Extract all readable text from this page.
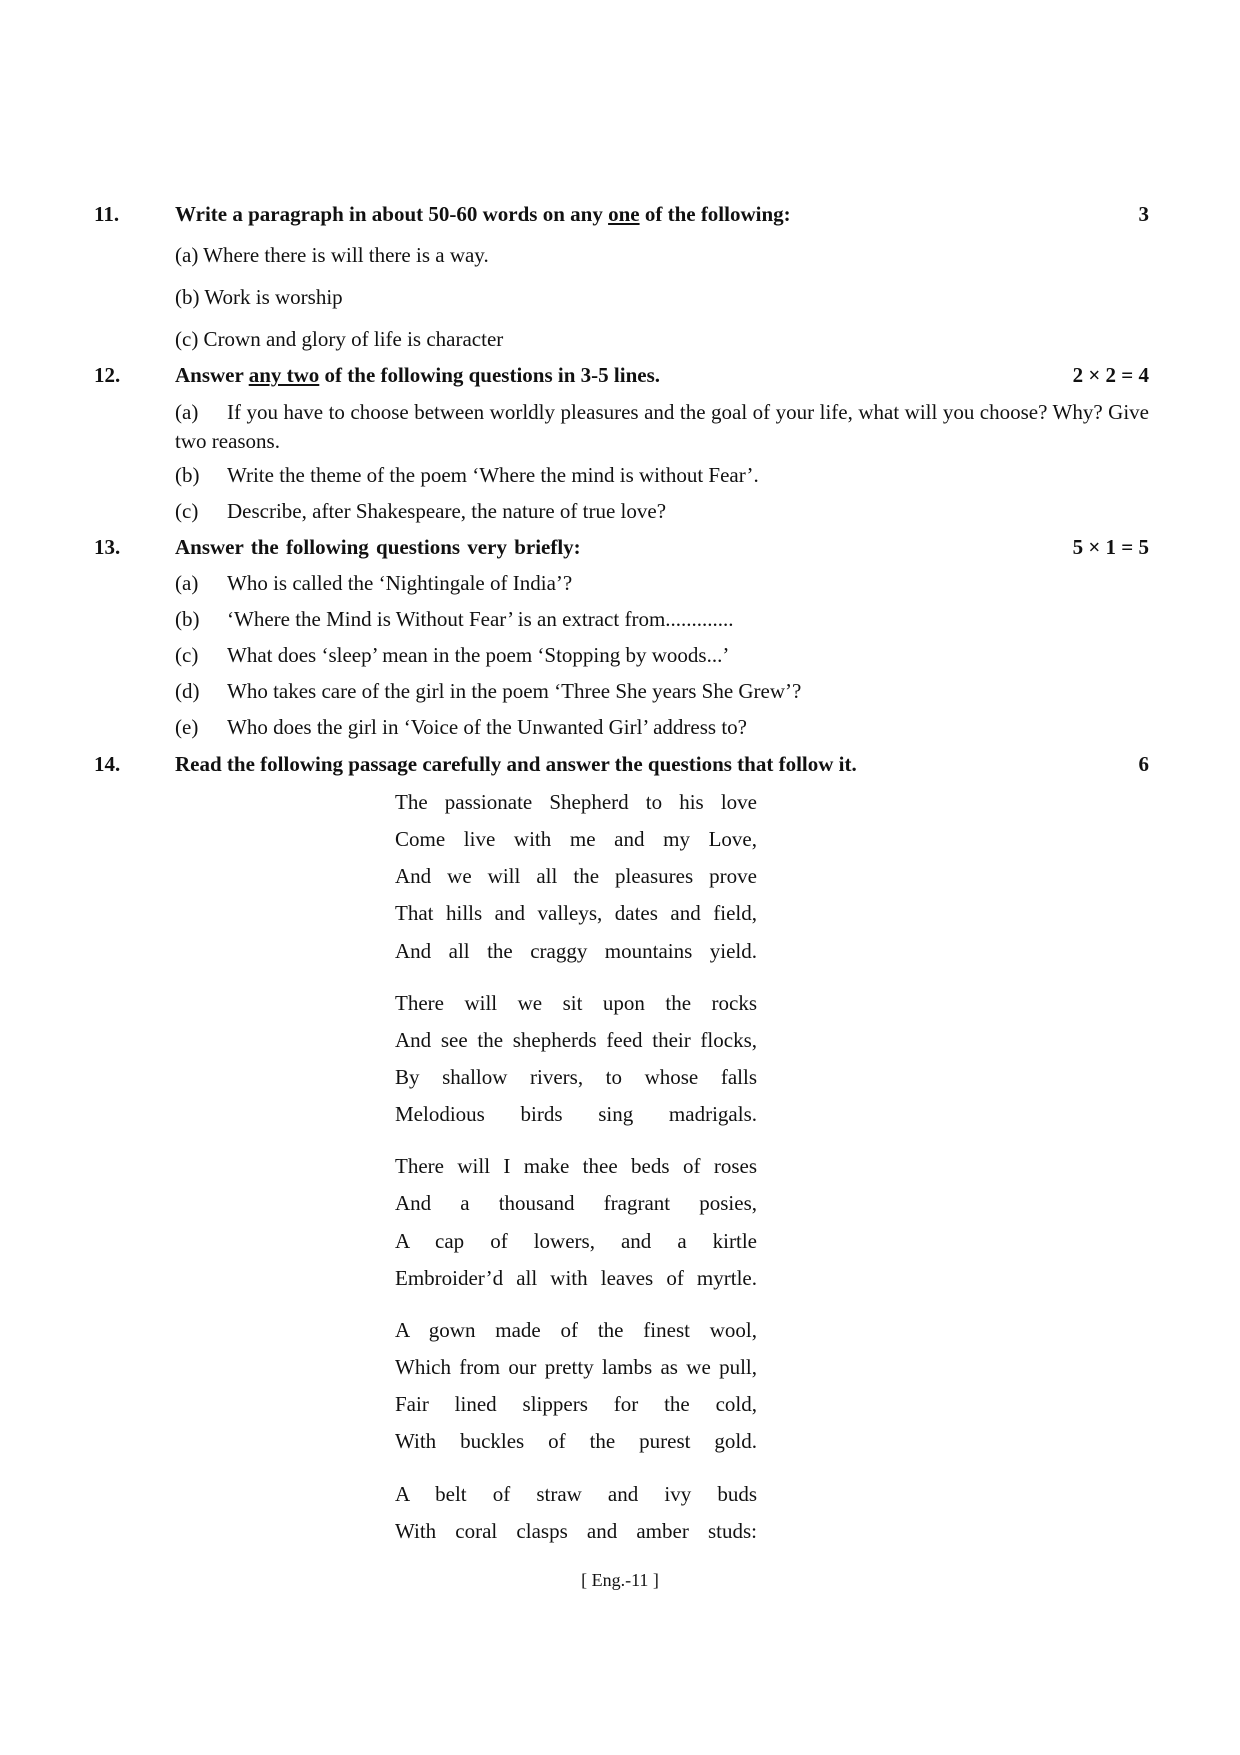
11.	Write a paragraph in about 50-60 words on any one of the following:	3
(a) Where there is will there is a way.
(b) Work is worship
(c) Crown and glory of life is character
12.	Answer any two of the following questions in 3-5 lines.	2 × 2 = 4
(a) If you have to choose between worldly pleasures and the goal of your life, what will you choose? Why? Give two reasons.
(b) Write the theme of the poem ‘Where the mind is without Fear’.
(c) Describe, after Shakespeare, the nature of true love?
13.	Answer the following questions very briefly:	5 × 1 = 5
(a) Who is called the ‘Nightingale of India’?
(b) ‘Where the Mind is Without Fear’ is an extract from.............
(c) What does ‘sleep’ mean in the poem ‘Stopping by woods...’
(d) Who takes care of the girl in the poem ‘Three She years She Grew’?
(e) Who does the girl in ‘Voice of the Unwanted Girl’ address to?
14.	Read the following passage carefully and answer the questions that follow it.	6
The passionate Shepherd to his love
Come live with me and my Love,
And we will all the pleasures prove
That hills and valleys, dates and field,
And all the craggy mountains yield.
There will we sit upon the rocks
And see the shepherds feed their flocks,
By shallow rivers, to whose falls
Melodious birds sing madrigals.
There will I make thee beds of roses
And a thousand fragrant posies,
A cap of lowers, and a kirtle
Embroider’d all with leaves of myrtle.
A gown made of the finest wool,
Which from our pretty lambs as we pull,
Fair lined slippers for the cold,
With buckles of the purest gold.
A belt of straw and ivy buds
With coral clasps and amber studs:
[ Eng.-11 ]
